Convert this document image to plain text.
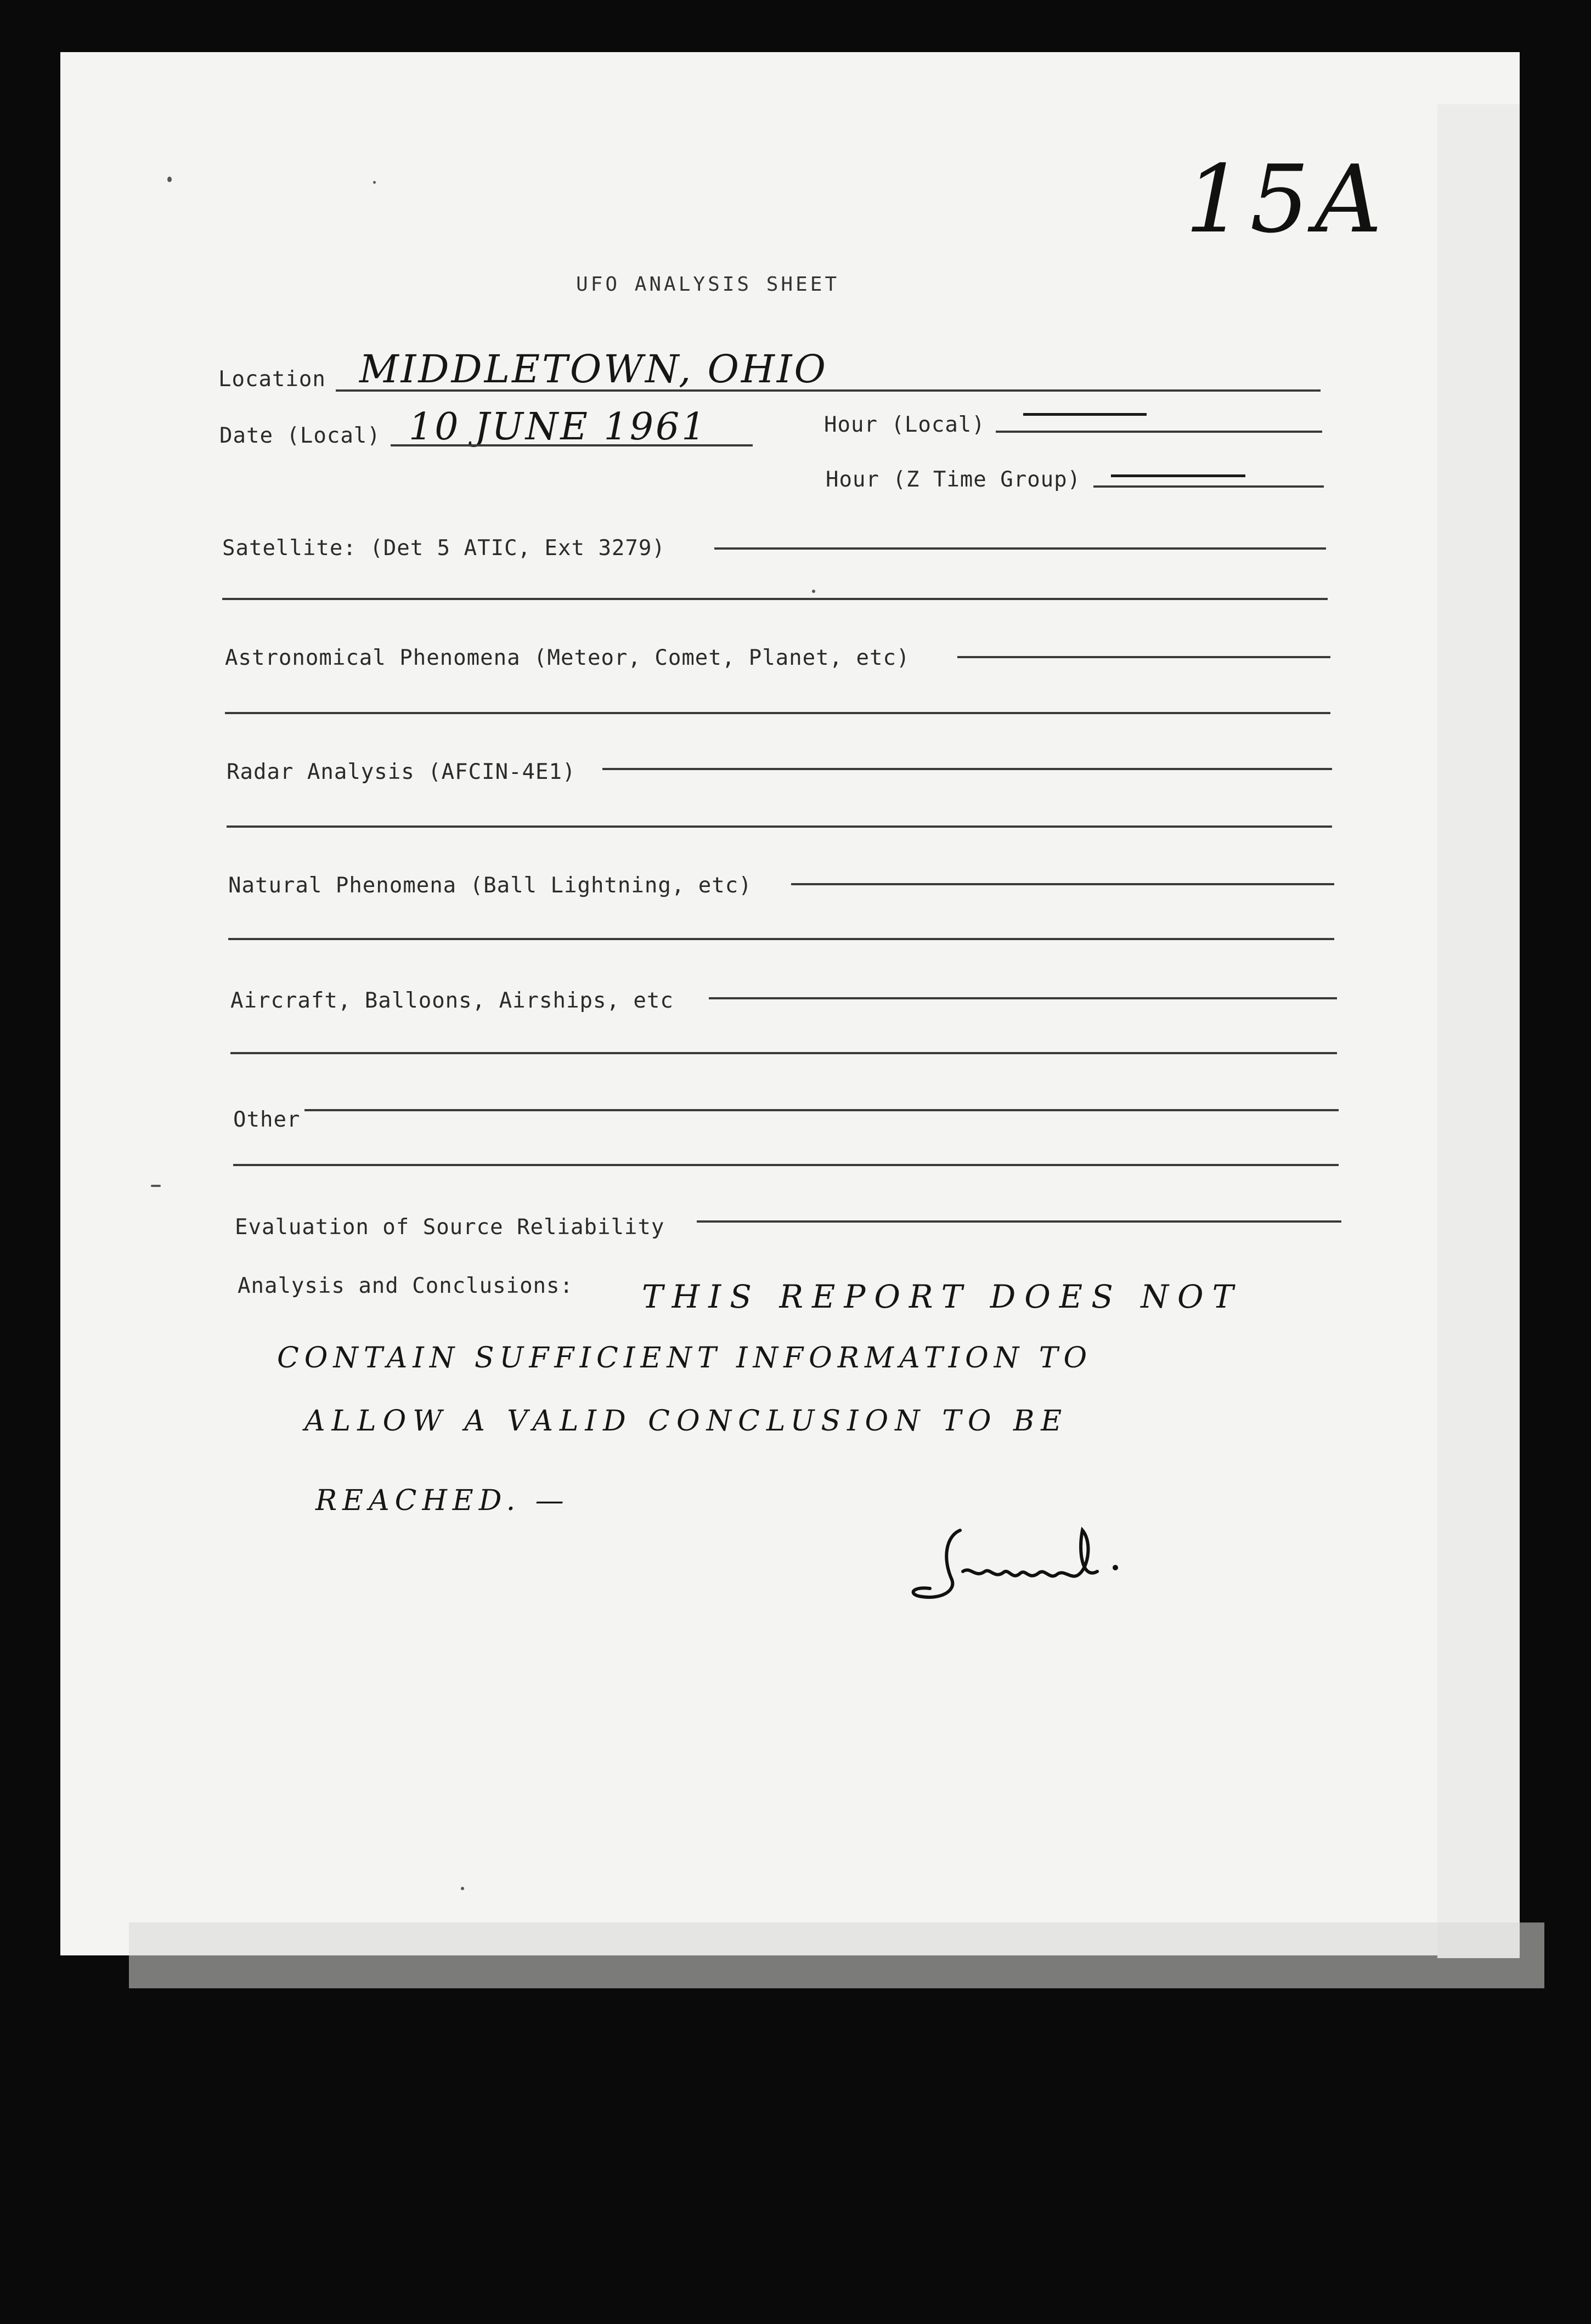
15A
UFO ANALYSIS SHEET
Location MIDDLETOWN, OHIO
Date (Local) 10 JUNE 1961	Hour (Local)
Hour (Z Time Group)
Satellite: (Det 5 ATIC, Ext 3279)
Astronomical Phenomena (Meteor, Comet, Planet, etc)
Radar Analysis (AFCIN-4E1)
Natural Phenomena (Ball Lightning, etc)
Aircraft, Balloons, Airships, etc
Other
Evaluation of Source Reliability
Analysis and Conclusions: THIS REPORT DOES NOT
CONTAIN SUFFICIENT INFORMATION TO
ALLOW A VALID CONCLUSION TO BE
REACHED. —
